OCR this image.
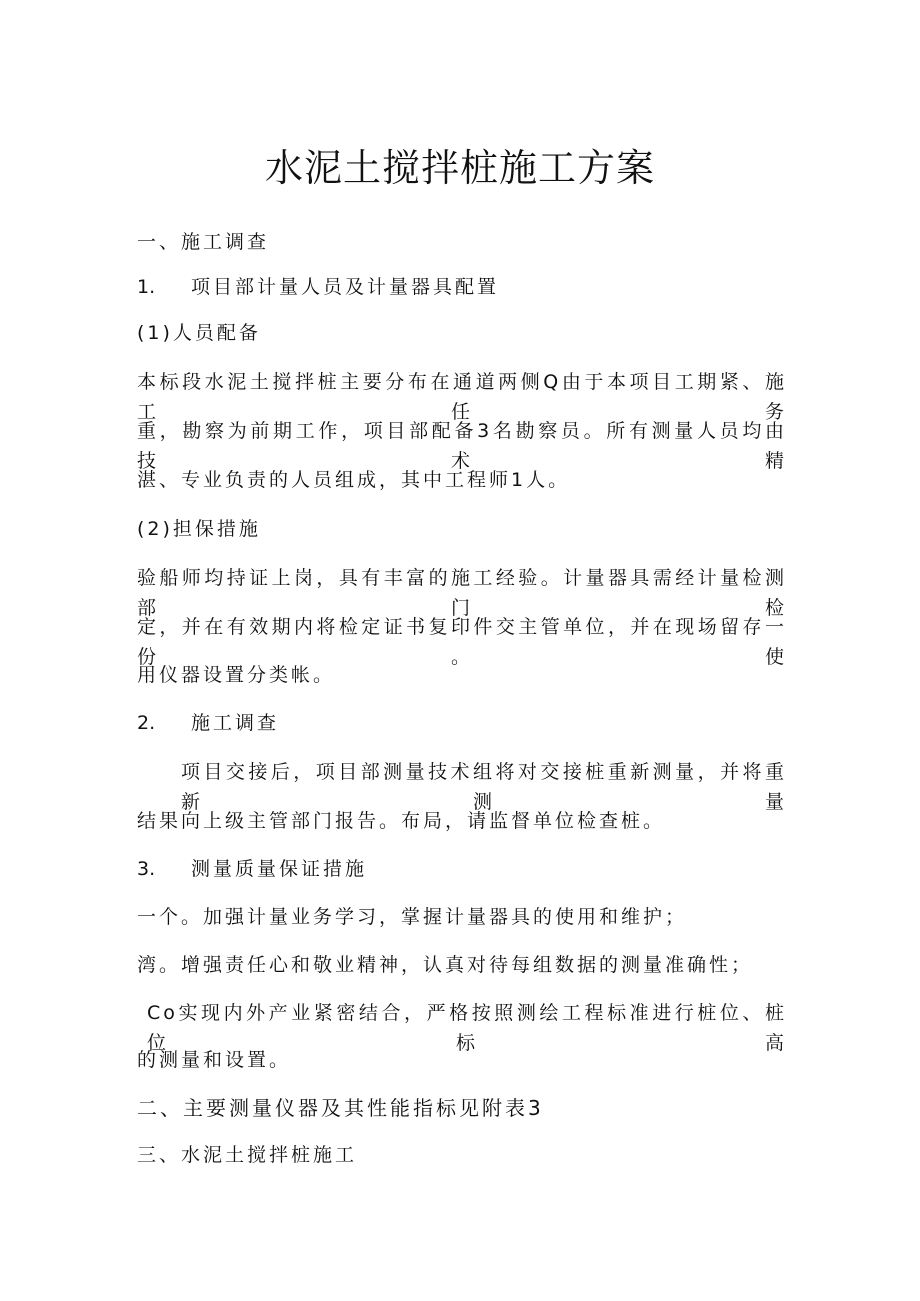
水泥土搅拌桩施工方案
一、施工调查
1. 项目部计量人员及计量器具配置
(1)人员配备
本标段水泥土搅拌桩主要分布在通道两侧Q由于本项目工期紧、施工任务
重，勘察为前期工作，项目部配备3名勘察员。所有测量人员均由技术精
湛、专业负责的人员组成，其中工程师1人。
(2)担保措施
验船师均持证上岗，具有丰富的施工经验。计量器具需经计量检测部门检
定，并在有效期内将检定证书复印件交主管单位，并在现场留存一份。使
用仪器设置分类帐。
2. 施工调查
项目交接后，项目部测量技术组将对交接桩重新测量，并将重新测量
结果向上级主管部门报告。布局，请监督单位检查桩。
3. 测量质量保证措施
一个。加强计量业务学习，掌握计量器具的使用和维护；
湾。增强责任心和敬业精神，认真对待每组数据的测量准确性；
Co实现内外产业紧密结合，严格按照测绘工程标准进行桩位、桩位标高
的测量和设置。
二、主要测量仪器及其性能指标见附表3
三、水泥土搅拌桩施工
